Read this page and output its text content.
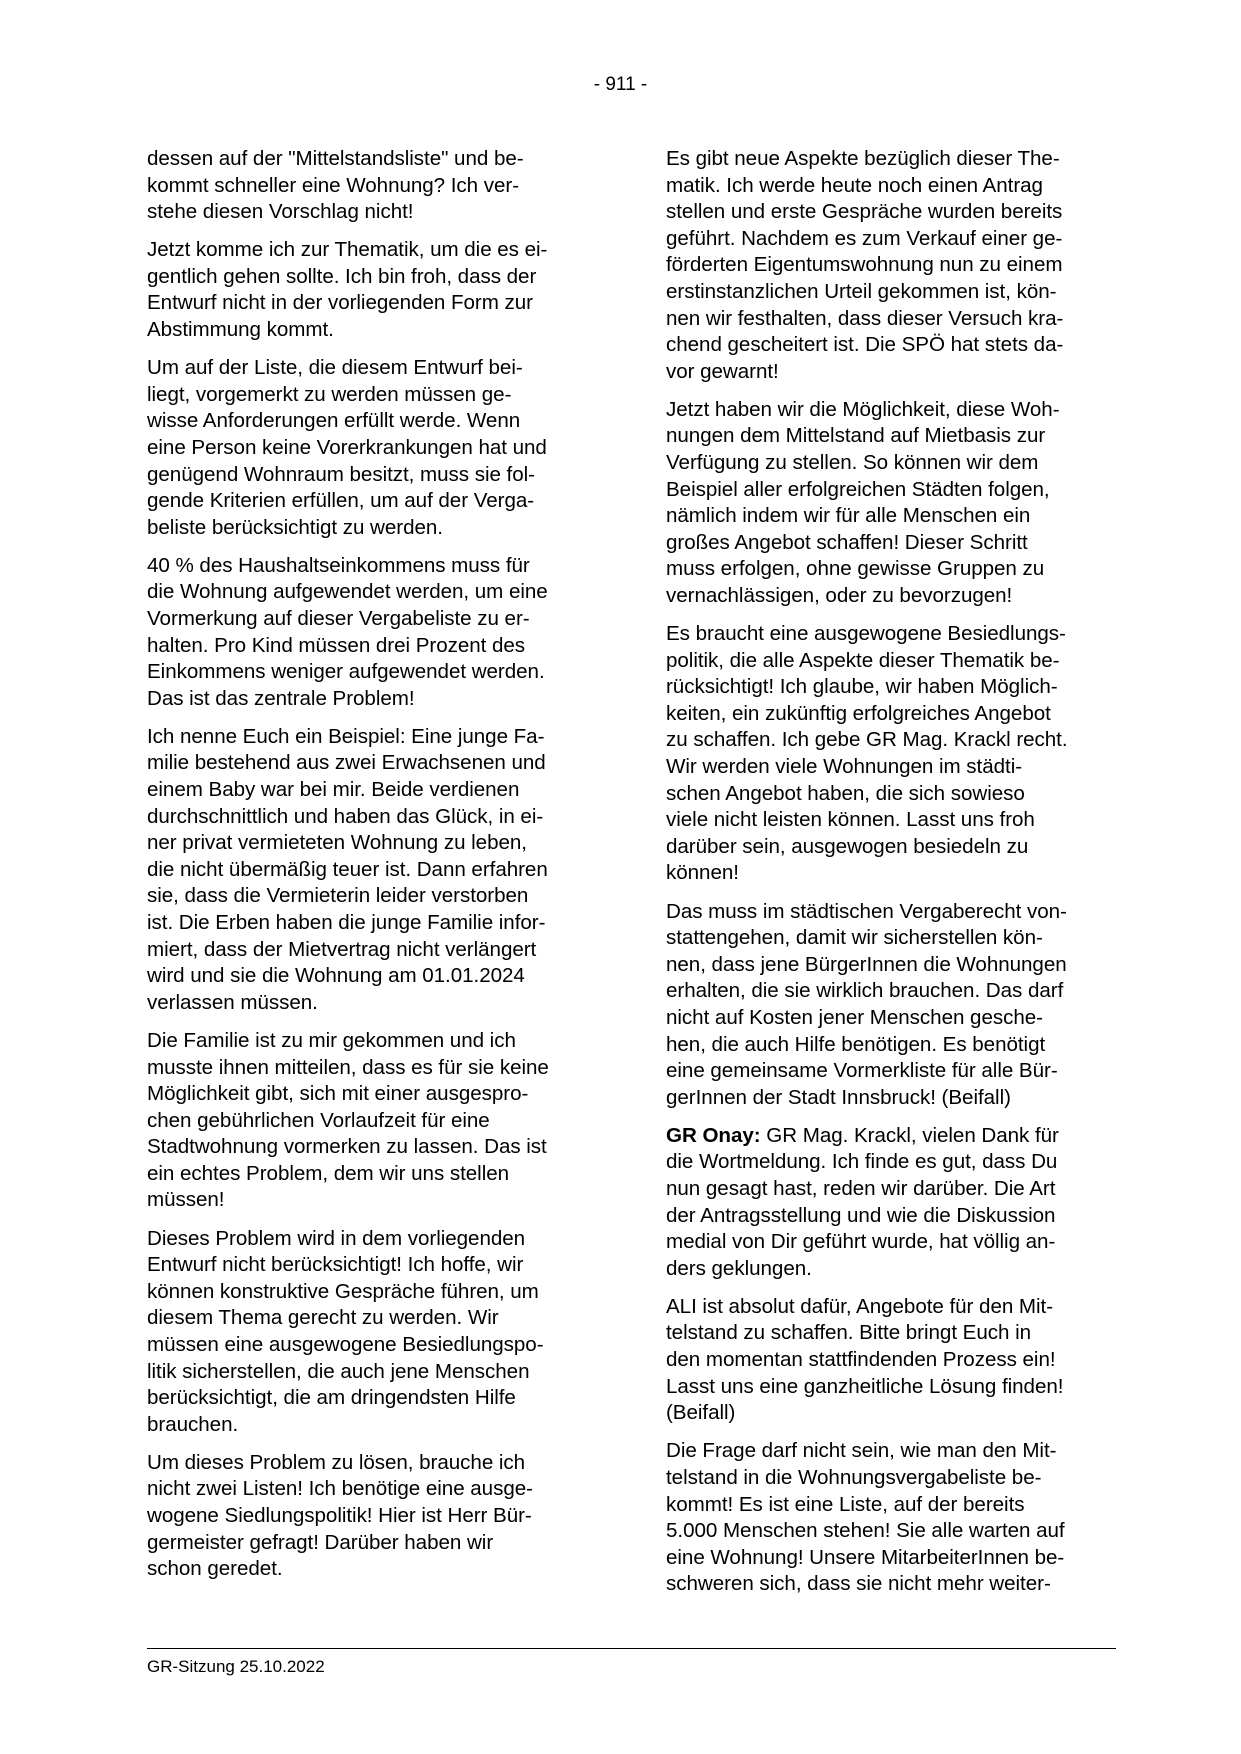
- 911 -

dessen auf der "Mittelstandsliste" und be-
kommt schneller eine Wohnung? Ich ver-
stehe diesen Vorschlag nicht!

Jetzt komme ich zur Thematik, um die es ei-
gentlich gehen sollte. Ich bin froh, dass der
Entwurf nicht in der vorliegenden Form zur
Abstimmung kommt.

Um auf der Liste, die diesem Entwurf bei-
liegt, vorgemerkt zu werden müssen ge-
wisse Anforderungen erfüllt werde. Wenn
eine Person keine Vorerkrankungen hat und
genügend Wohnraum besitzt, muss sie fol-
gende Kriterien erfüllen, um auf der Verga-
beliste berücksichtigt zu werden.

40 % des Haushaltseinkommens muss für
die Wohnung aufgewendet werden, um eine
Vormerkung auf dieser Vergabeliste zu er-
halten. Pro Kind müssen drei Prozent des
Einkommens weniger aufgewendet werden.
Das ist das zentrale Problem!

Ich nenne Euch ein Beispiel: Eine junge Fa-
milie bestehend aus zwei Erwachsenen und
einem Baby war bei mir. Beide verdienen
durchschnittlich und haben das Glück, in ei-
ner privat vermieteten Wohnung zu leben,
die nicht übermäßig teuer ist. Dann erfahren
sie, dass die Vermieterin leider verstorben
ist. Die Erben haben die junge Familie infor-
miert, dass der Mietvertrag nicht verlängert
wird und sie die Wohnung am 01.01.2024
verlassen müssen.

Die Familie ist zu mir gekommen und ich
musste ihnen mitteilen, dass es für sie keine
Möglichkeit gibt, sich mit einer ausgespro-
chen gebührlichen Vorlaufzeit für eine
Stadtwohnung vormerken zu lassen. Das ist
ein echtes Problem, dem wir uns stellen
müssen!

Dieses Problem wird in dem vorliegenden
Entwurf nicht berücksichtigt! Ich hoffe, wir
können konstruktive Gespräche führen, um
diesem Thema gerecht zu werden. Wir
müssen eine ausgewogene Besiedlungspo-
litik sicherstellen, die auch jene Menschen
berücksichtigt, die am dringendsten Hilfe
brauchen.

Um dieses Problem zu lösen, brauche ich
nicht zwei Listen! Ich benötige eine ausge-
wogene Siedlungspolitik! Hier ist Herr Bür-
germeister gefragt! Darüber haben wir
schon geredet.

Es gibt neue Aspekte bezüglich dieser The-
matik. Ich werde heute noch einen Antrag
stellen und erste Gespräche wurden bereits
geführt. Nachdem es zum Verkauf einer ge-
förderten Eigentumswohnung nun zu einem
erstinstanzlichen Urteil gekommen ist, kön-
nen wir festhalten, dass dieser Versuch kra-
chend gescheitert ist. Die SPÖ hat stets da-
vor gewarnt!

Jetzt haben wir die Möglichkeit, diese Woh-
nungen dem Mittelstand auf Mietbasis zur
Verfügung zu stellen. So können wir dem
Beispiel aller erfolgreichen Städten folgen,
nämlich indem wir für alle Menschen ein
großes Angebot schaffen! Dieser Schritt
muss erfolgen, ohne gewisse Gruppen zu
vernachlässigen, oder zu bevorzugen!

Es braucht eine ausgewogene Besiedlungs-
politik, die alle Aspekte dieser Thematik be-
rücksichtigt! Ich glaube, wir haben Möglich-
keiten, ein zukünftig erfolgreiches Angebot
zu schaffen. Ich gebe GR Mag. Krackl recht.
Wir werden viele Wohnungen im städti-
schen Angebot haben, die sich sowieso
viele nicht leisten können. Lasst uns froh
darüber sein, ausgewogen besiedeln zu
können!

Das muss im städtischen Vergaberecht von-
stattengehen, damit wir sicherstellen kön-
nen, dass jene BürgerInnen die Wohnungen
erhalten, die sie wirklich brauchen. Das darf
nicht auf Kosten jener Menschen gesche-
hen, die auch Hilfe benötigen. Es benötigt
eine gemeinsame Vormerkliste für alle Bür-
gerInnen der Stadt Innsbruck! (Beifall)

GR Onay: GR Mag. Krackl, vielen Dank für
die Wortmeldung. Ich finde es gut, dass Du
nun gesagt hast, reden wir darüber. Die Art
der Antragsstellung und wie die Diskussion
medial von Dir geführt wurde, hat völlig an-
ders geklungen.

ALI ist absolut dafür, Angebote für den Mit-
telstand zu schaffen. Bitte bringt Euch in
den momentan stattfindenden Prozess ein!
Lasst uns eine ganzheitliche Lösung finden!
(Beifall)

Die Frage darf nicht sein, wie man den Mit-
telstand in die Wohnungsvergabeliste be-
kommt! Es ist eine Liste, auf der bereits
5.000 Menschen stehen! Sie alle warten auf
eine Wohnung! Unsere MitarbeiterInnen be-
schweren sich, dass sie nicht mehr weiter-

GR-Sitzung 25.10.2022
